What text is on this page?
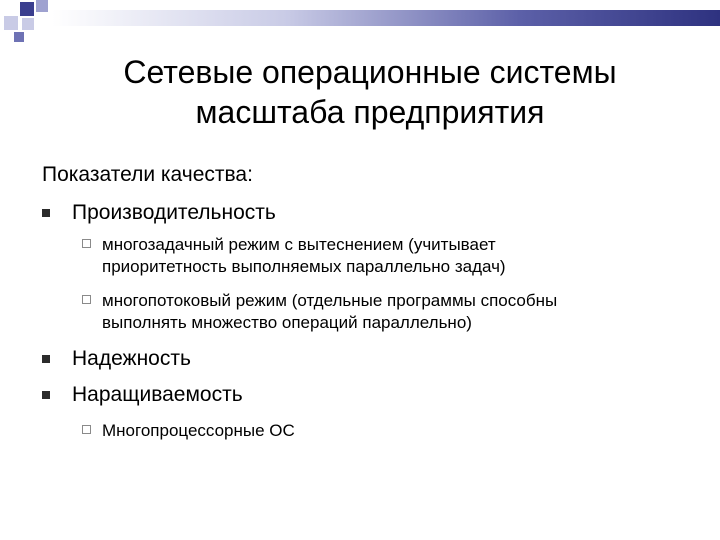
Сетевые операционные системы
масштаба предприятия
Показатели качества:
Производительность
многозадачный режим с вытеснением (учитывает
приоритетность выполняемых параллельно задач)
многопотоковый режим (отдельные программы способны
выполнять множество операций параллельно)
Надежность
Наращиваемость
Многопроцессорные ОС
